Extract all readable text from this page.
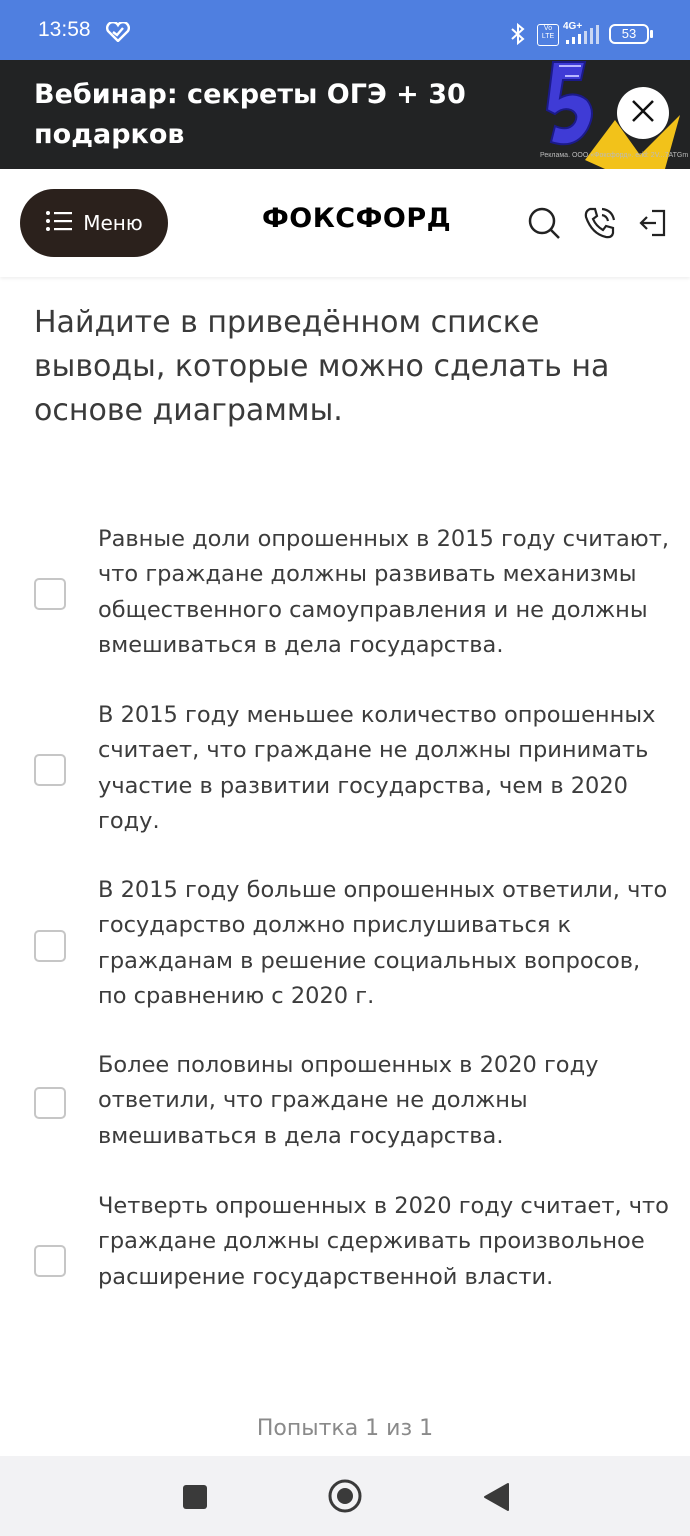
13:58	Vo LTE
4G+	53
Вебинар: секреты ОГЭ + 30 подарков
Реклама. ООО «Фоксфорд». erid: 2V...7ATGm
Меню	ФОКСФОРД
Найдите в приведённом списке выводы, которые можно сделать на основе диаграммы.
Равные доли опрошенных в 2015 году считают, что граждане должны развивать механизмы общественного самоуправления и не должны вмешиваться в дела государства.
В 2015 году меньшее количество опрошенных считает, что граждане не должны принимать участие в развитии государства, чем в 2020 году.
В 2015 году больше опрошенных ответили, что государство должно прислушиваться к гражданам в решение социальных вопросов, по сравнению с 2020 г.
Более половины опрошенных в 2020 году ответили, что граждане не должны вмешиваться в дела государства.
Четверть опрошенных в 2020 году считает, что граждане должны сдерживать произвольное расширение государственной власти.
Попытка 1 из 1
